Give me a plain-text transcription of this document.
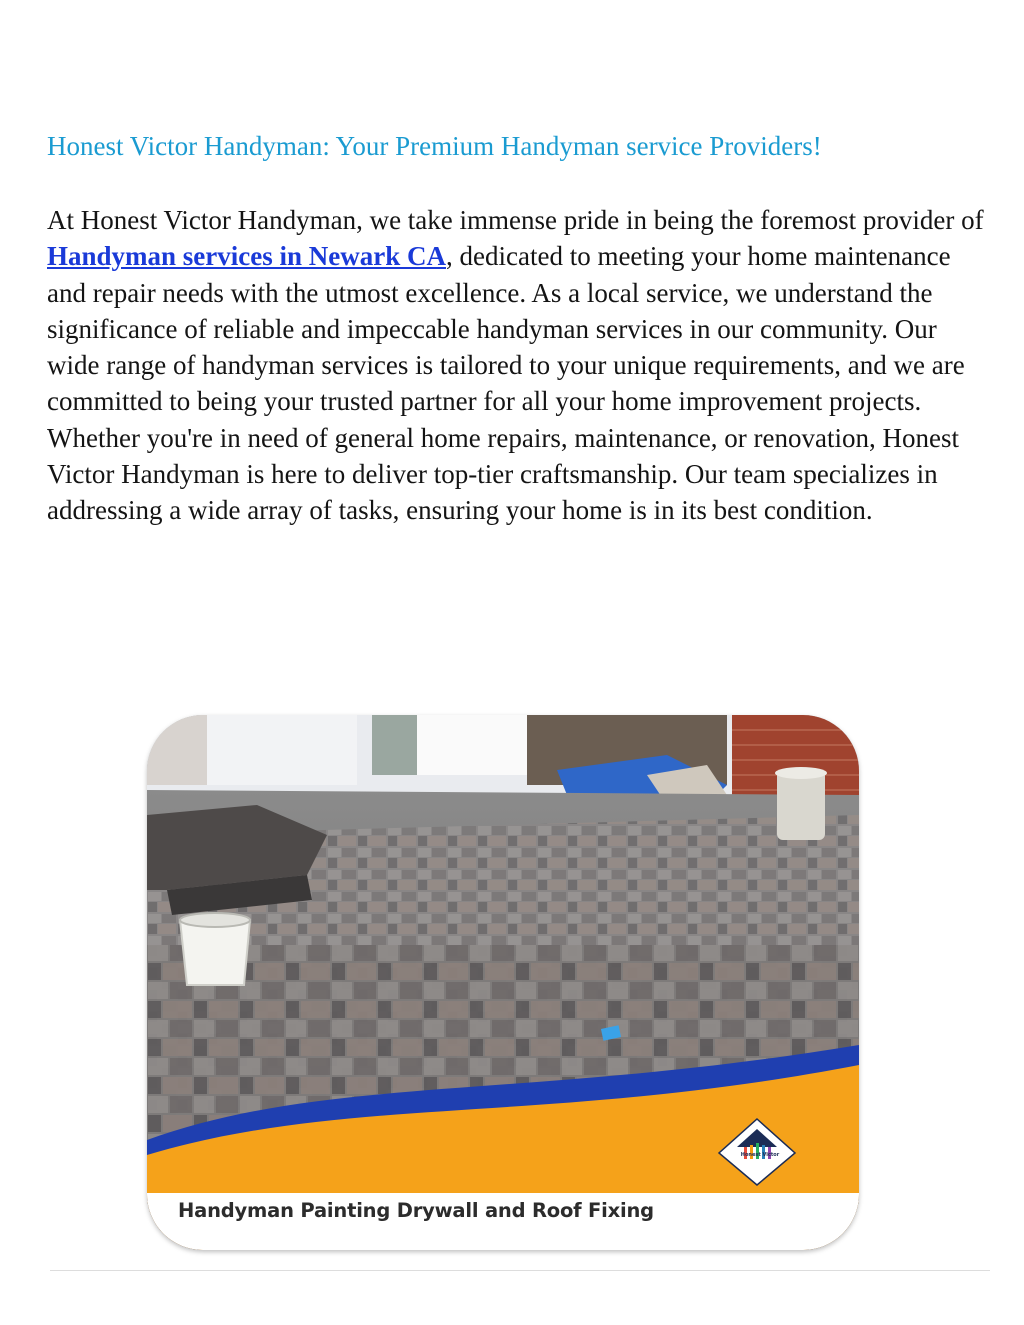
Honest Victor Handyman: Your Premium Handyman service Providers!

At Honest Victor Handyman, we take immense pride in being the foremost provider of Handyman services in Newark CA, dedicated to meeting your home maintenance and repair needs with the utmost excellence. As a local service, we understand the significance of reliable and impeccable handyman services in our community. Our wide range of handyman services is tailored to your unique requirements, and we are committed to being your trusted partner for all your home improvement projects. Whether you're in need of general home repairs, maintenance, or renovation, Honest Victor Handyman is here to deliver top-tier craftsmanship. Our team specializes in addressing a wide array of tasks, ensuring your home is in its best condition.

Honest Victor
Handyman Painting Drywall and Roof Fixing
